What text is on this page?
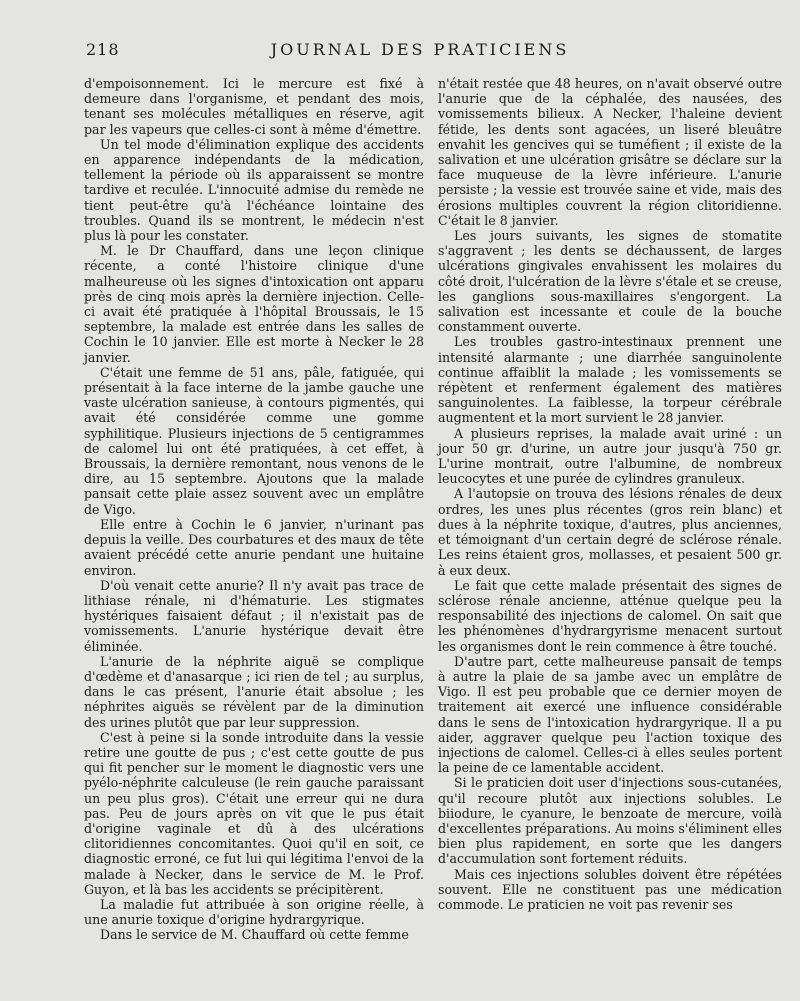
218	JOURNAL DES PRATICIENS

d'empoisonnement. Ici le mercure est fixé à demeure dans l'organisme, et pendant des mois, tenant ses molécules métalliques en réserve, agit par les vapeurs que celles-ci sont à même d'émettre.

Un tel mode d'élimination explique des accidents en apparence indépendants de la médication, tellement la période où ils apparaissent se montre tardive et reculée. L'innocuité admise du remède ne tient peut-être qu'à l'échéance lointaine des troubles. Quand ils se montrent, le médecin n'est plus là pour les constater.

M. le Dr Chauffard, dans une leçon clinique récente, a conté l'histoire clinique d'une malheureuse où les signes d'intoxication ont apparu près de cinq mois après la dernière injection. Celle-ci avait été pratiquée à l'hôpital Broussais, le 15 septembre, la malade est entrée dans les salles de Cochin le 10 janvier. Elle est morte à Necker le 28 janvier.

C'était une femme de 51 ans, pâle, fatiguée, qui présentait à la face interne de la jambe gauche une vaste ulcération sanieuse, à contours pigmentés, qui avait été considérée comme une gomme syphilitique. Plusieurs injections de 5 centigrammes de calomel lui ont été pratiquées, à cet effet, à Broussais, la dernière remontant, nous venons de le dire, au 15 septembre. Ajoutons que la malade pansait cette plaie assez souvent avec un emplâtre de Vigo.

Elle entre à Cochin le 6 janvier, n'urinant pas depuis la veille. Des courbatures et des maux de tête avaient précédé cette anurie pendant une huitaine environ.

D'où venait cette anurie? Il n'y avait pas trace de lithiase rénale, ni d'hématurie. Les stigmates hystériques faisaient défaut ; il n'existait pas de vomissements. L'anurie hystérique devait être éliminée.

L'anurie de la néphrite aiguë se complique d'œdème et d'anasarque ; ici rien de tel ; au surplus, dans le cas présent, l'anurie était absolue ; les néphrites aiguës se révèlent par de la diminution des urines plutôt que par leur suppression.

C'est à peine si la sonde introduite dans la vessie retire une goutte de pus ; c'est cette goutte de pus qui fit pencher sur le moment le diagnostic vers une pyélo-néphrite calculeuse (le rein gauche paraissant un peu plus gros). C'était une erreur qui ne dura pas. Peu de jours après on vit que le pus était d'origine vaginale et dû à des ulcérations clitoridiennes concomitantes. Quoi qu'il en soit, ce diagnostic erroné, ce fut lui qui légitima l'envoi de la malade à Necker, dans le service de M. le Prof. Guyon, et là bas les accidents se précipitèrent.

La maladie fut attribuée à son origine réelle, à une anurie toxique d'origine hydrargyrique.

Dans le service de M. Chauffard où cette femme

n'était restée que 48 heures, on n'avait observé outre l'anurie que de la céphalée, des nausées, des vomissements bilieux. A Necker, l'haleine devient fétide, les dents sont agacées, un liseré bleuâtre envahit les gencives qui se tuméfient ; il existe de la salivation et une ulcération grisâtre se déclare sur la face muqueuse de la lèvre inférieure. L'anurie persiste ; la vessie est trouvée saine et vide, mais des érosions multiples couvrent la région clitoridienne. C'était le 8 janvier.

Les jours suivants, les signes de stomatite s'aggravent ; les dents se déchaussent, de larges ulcérations gingivales envahissent les molaires du côté droit, l'ulcération de la lèvre s'étale et se creuse, les ganglions sous-maxillaires s'engorgent. La salivation est incessante et coule de la bouche constamment ouverte.

Les troubles gastro-intestinaux prennent une intensité alarmante ; une diarrhée sanguinolente continue affaiblit la malade ; les vomissements se répètent et renferment également des matières sanguinolentes. La faiblesse, la torpeur cérébrale augmentent et la mort survient le 28 janvier.

A plusieurs reprises, la malade avait uriné : un jour 50 gr. d'urine, un autre jour jusqu'à 750 gr. L'urine montrait, outre l'albumine, de nombreux leucocytes et une purée de cylindres granuleux.

A l'autopsie on trouva des lésions rénales de deux ordres, les unes plus récentes (gros rein blanc) et dues à la néphrite toxique, d'autres, plus anciennes, et témoignant d'un certain degré de sclérose rénale. Les reins étaient gros, mollasses, et pesaient 500 gr. à eux deux.

Le fait que cette malade présentait des signes de sclérose rénale ancienne, atténue quelque peu la responsabilité des injections de calomel. On sait que les phénomènes d'hydrargyrisme menacent surtout les organismes dont le rein commence à être touché.

D'autre part, cette malheureuse pansait de temps à autre la plaie de sa jambe avec un emplâtre de Vigo. Il est peu probable que ce dernier moyen de traitement ait exercé une influence considérable dans le sens de l'intoxication hydrargyrique. Il a pu aider, aggraver quelque peu l'action toxique des injections de calomel. Celles-ci à elles seules portent la peine de ce lamentable accident.

Si le praticien doit user d'injections sous-cutanées, qu'il recoure plutôt aux injections solubles. Le biiodure, le cyanure, le benzoate de mercure, voilà d'excellentes préparations. Au moins s'éliminent elles bien plus rapidement, en sorte que les dangers d'accumulation sont fortement réduits.

Mais ces injections solubles doivent être répétées souvent. Elle ne constituent pas une médication commode. Le praticien ne voit pas revenir ses
